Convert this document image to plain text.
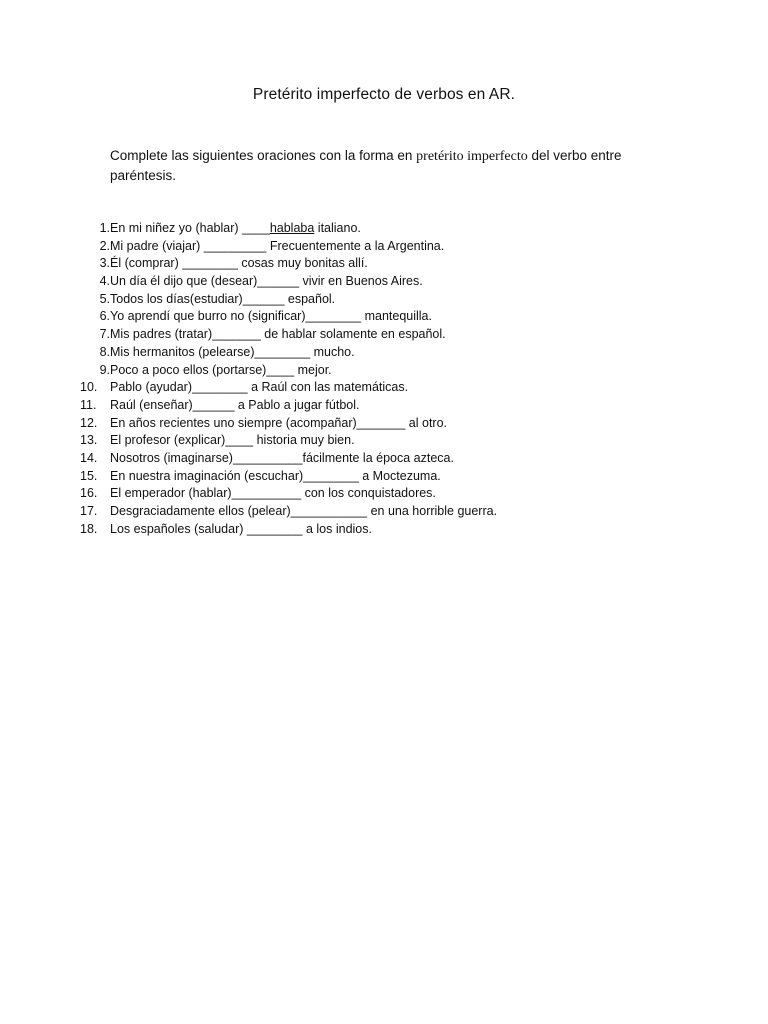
Pretérito imperfecto de verbos en AR.
Complete las siguientes oraciones con la forma en pretérito imperfecto del verbo entre paréntesis.
1. En mi niñez yo (hablar) ____hablaba italiano.
2. Mi padre (viajar) _________ Frecuentemente a la Argentina.
3. Él (comprar) ________ cosas muy bonitas allí.
4. Un día él dijo que (desear)______ vivir en Buenos Aires.
5. Todos los días(estudiar)______ español.
6. Yo aprendí que burro no (significar)________ mantequilla.
7. Mis padres (tratar)_______ de hablar solamente en español.
8. Mis hermanitos (pelearse)________ mucho.
9. Poco a poco ellos (portarse)____ mejor.
10. Pablo (ayudar)________ a Raúl con las matemáticas.
11. Raúl (enseñar)______ a Pablo a jugar fútbol.
12. En años recientes uno siempre (acompañar)_______ al otro.
13. El profesor (explicar)____ historia muy bien.
14. Nosotros (imaginarse)__________fácilmente la época azteca.
15. En nuestra imaginación (escuchar)________ a Moctezuma.
16. El emperador (hablar)__________ con los conquistadores.
17. Desgraciadamente ellos (pelear)___________ en una horrible guerra.
18. Los españoles (saludar) ________ a los indios.
